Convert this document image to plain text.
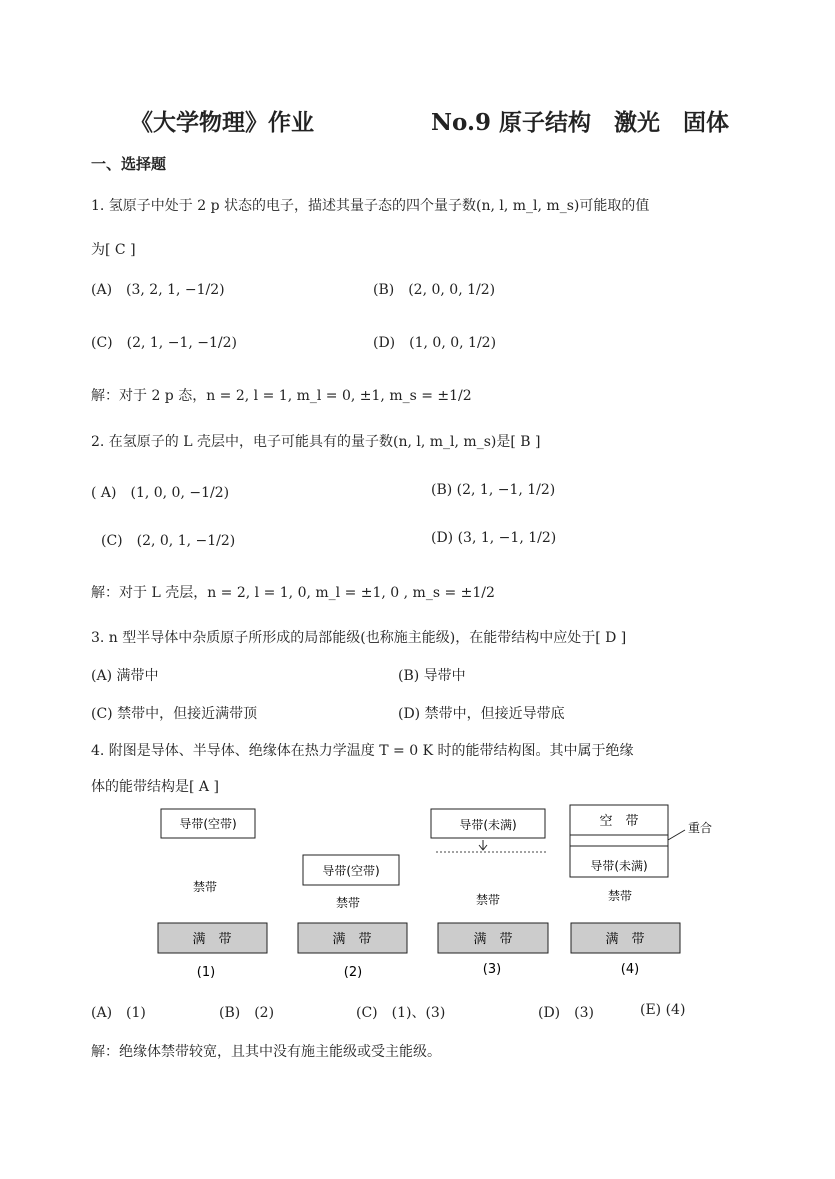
《大学物理》作业	No.9 原子结构　激光　固体
一、选择题
1. 氢原子中处于 2 p 状态的电子，描述其量子态的四个量子数(n, l, m_l, m_s)可能取的值
为[ C ]
(A)　(3, 2, 1, −1/2)	(B)　(2, 0, 0, 1/2)
(C)　(2, 1, −1, −1/2)	(D)　(1, 0, 0, 1/2)
解：对于 2 p 态，n = 2, l = 1, m_l = 0, ±1, m_s = ±1/2
2. 在氢原子的 L 壳层中，电子可能具有的量子数(n, l, m_l, m_s)是[ B ]
( A)　(1, 0, 0, −1/2)	(B) (2, 1, −1, 1/2)
(C)　(2, 0, 1, −1/2)	(D) (3, 1, −1, 1/2)
解：对于 L 壳层，n = 2, l = 1, 0, m_l = ±1, 0 , m_s = ±1/2
3. n 型半导体中杂质原子所形成的局部能级(也称施主能级)，在能带结构中应处于[ D ]
(A) 满带中	(B) 导带中
(C) 禁带中，但接近满带顶	(D) 禁带中，但接近导带底
4. 附图是导体、半导体、绝缘体在热力学温度 T = 0 K 时的能带结构图。其中属于绝缘
体的能带结构是[ A ]
导带(空带)
禁带
满　带
(1)
导带(空带)
禁带
满　带
(2)
导带(未满)
禁带
满　带
(3)
空　带
导带(未满)
重合
禁带
满　带
(4)
(A)　(1)	(B)　(2)	(C)　(1)、(3)	(D)　(3)	(E) (4)
解：绝缘体禁带较宽，且其中没有施主能级或受主能级。
